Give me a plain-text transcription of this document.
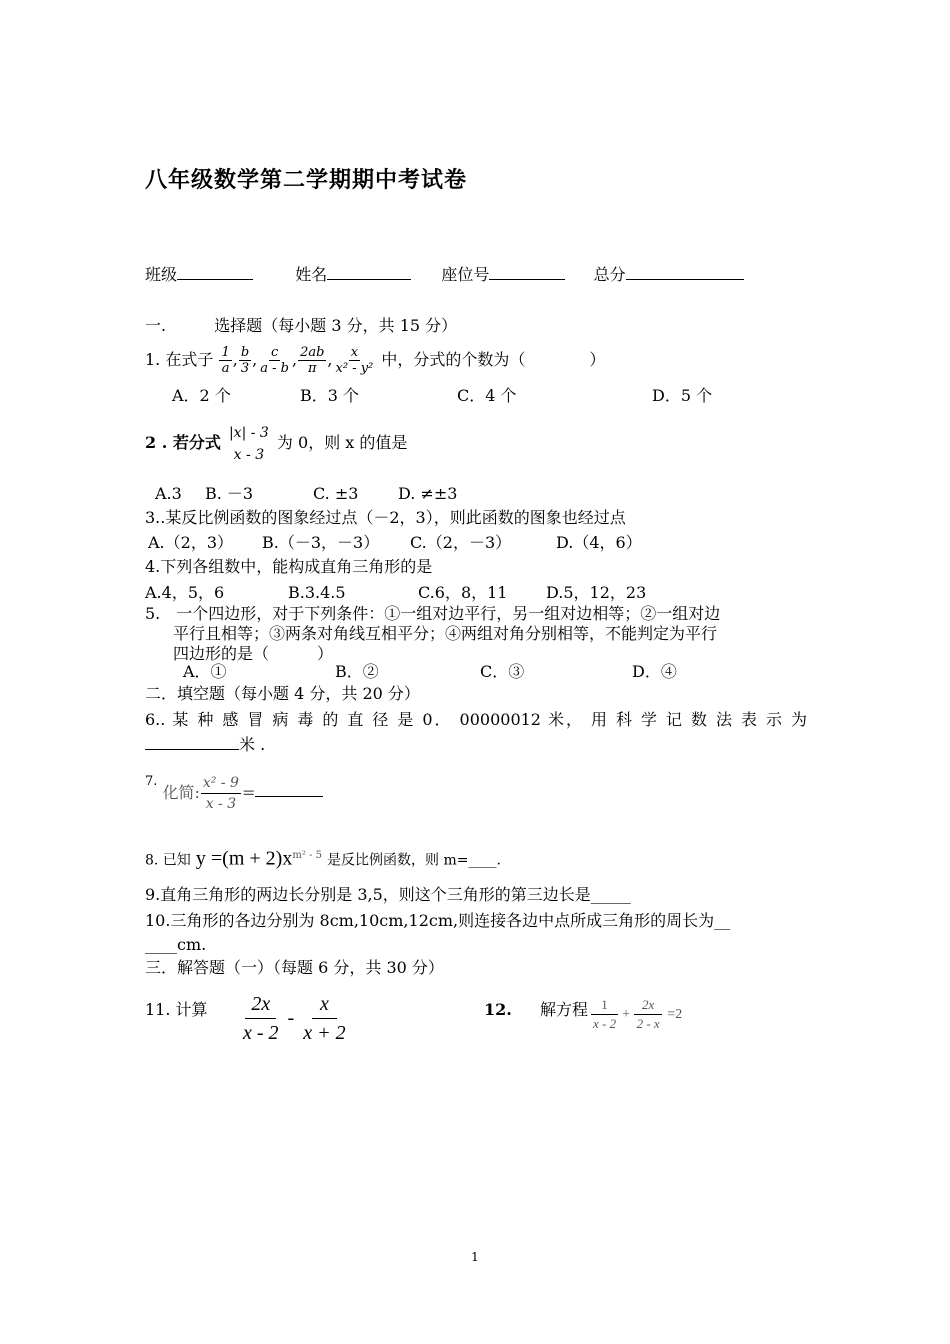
八年级数学第二学期期中考试卷
班级	姓名	座位号	总分
一.	选择题（每小题 3 分，共 15 分）
1. 在式子 $\frac{1}{a}$ , $\frac{b}{3}$ , $\frac{c}{a - b}$ , $\frac{2ab}{\pi}$ , $\frac{x}{\text{x² - y²}}$ 中，分式的个数为（　　　　）
A．2 个	B．3 个	C．4 个	D．5 个
2 . 若分式
|x| - 3
x - 3
为 0，则 x 的值是
A.3 B. －3	C. ±3 D. ≠±3
3..某反比例函数的图象经过点（－2，3），则此函数的图象也经过点
A.（2，3） B.（－3，－3） C.（2，－3）	D.（4，6）
4.下列各组数中，能构成直角三角形的是
A.4，5，6	B.3.4.5	C.6，8，11 D.5，12，23
5.　一个四边形，对于下列条件：①一组对边平行，另一组对边相等；②一组对边
平行且相等；③两条对角线互相平分；④两组对角分别相等，不能判定为平行
四边形的是（　　　）
A．①	B．②	C．③	D．④
二．填空题（每小题 4 分，共 20 分）
6.. 某 种 感 冒 病 毒 的 直 径 是 0． 00000012 米， 用 科 学 记 数 法 表 示 为
米 .
$^{7.}$ 化简: $\frac{\text{x² - 9}}{x - 3}$ =
8. 已知 $y =(m + 2)x^{m^2 - 5}$ 是反比例函数，则 m=____.
9.直角三角形的两边长分别是 3,5，则这个三角形的第三边长是_____
10.三角形的各边分别为 8cm,10cm,12cm,则连接各边中点所成三角形的周长为__
____cm.
三．解答题（一）（每题 6 分，共 30 分）
11. 计算 $\frac{2x}{x - 2} - \frac{x}{x + 2}$	12. 解方程 $\frac{1}{x - 2} + \frac{2x}{2 - x} =2$
1
